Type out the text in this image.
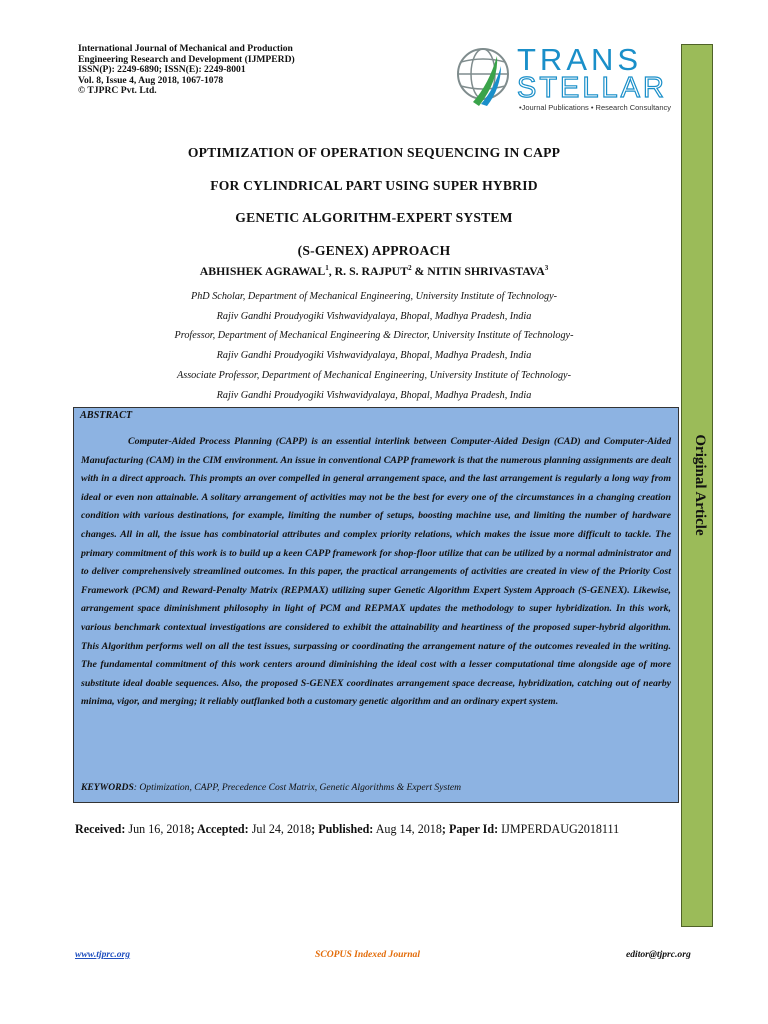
International Journal of Mechanical and Production
Engineering Research and Development (IJMPERD)
ISSN(P): 2249-6890; ISSN(E): 2249-8001
Vol. 8, Issue 4, Aug 2018, 1067-1078
© TJPRC Pvt. Ltd.
TRANS
STELLAR
•Journal Publications • Research Consultancy
Original Article
OPTIMIZATION OF OPERATION SEQUENCING IN CAPP
FOR CYLINDRICAL PART USING SUPER HYBRID
GENETIC ALGORITHM-EXPERT SYSTEM
(S-GENEX) APPROACH
ABHISHEK AGRAWAL$^1$, R. S. RAJPUT$^2$ & NITIN SHRIVASTAVA$^3$
PhD Scholar, Department of Mechanical Engineering, University Institute of Technology-
Rajiv Gandhi Proudyogiki Vishwavidyalaya, Bhopal, Madhya Pradesh, India
Professor, Department of Mechanical Engineering & Director, University Institute of Technology-
Rajiv Gandhi Proudyogiki Vishwavidyalaya, Bhopal, Madhya Pradesh, India
Associate Professor, Department of Mechanical Engineering, University Institute of Technology-
Rajiv Gandhi Proudyogiki Vishwavidyalaya, Bhopal, Madhya Pradesh, India
ABSTRACT
Computer-Aided Process Planning (CAPP) is an essential interlink between Computer-Aided Design (CAD) and Computer-Aided Manufacturing (CAM) in the CIM environment. An issue in conventional CAPP framework is that the numerous planning assignments are dealt with in a direct approach. This prompts an over compelled in general arrangement space, and the last arrangement is regularly a long way from ideal or even non attainable. A solitary arrangement of activities may not be the best for every one of the circumstances in a changing creation condition with various destinations, for example, limiting the number of setups, boosting machine use, and limiting the number of hardware changes. All in all, the issue has combinatorial attributes and complex priority relations, which makes the issue more difficult to tackle. The primary commitment of this work is to build up a keen CAPP framework for shop-floor utilize that can be utilized by a normal administrator and to deliver comprehensively streamlined outcomes. In this paper, the practical arrangements of activities are created in view of the Priority Cost Framework (PCM) and Reward-Penalty Matrix (REPMAX) utilizing super Genetic Algorithm Expert System Approach (S-GENEX). Likewise, arrangement space diminishment philosophy in light of PCM and REPMAX updates the methodology to super hybridization. In this work, various benchmark contextual investigations are considered to exhibit the attainability and heartiness of the proposed super-hybrid algorithm. This Algorithm performs well on all the test issues, surpassing or coordinating the arrangement nature of the outcomes revealed in the writing. The fundamental commitment of this work centers around diminishing the ideal cost with a lesser computational time alongside age of more substitute ideal doable sequences. Also, the proposed S-GENEX coordinates arrangement space decrease, hybridization, catching out of nearby minima, vigor, and merging; it reliably outflanked both a customary genetic algorithm and an ordinary expert system.
KEYWORDS: Optimization, CAPP, Precedence Cost Matrix, Genetic Algorithms & Expert System
Received: Jun 16, 2018; Accepted: Jul 24, 2018; Published: Aug 14, 2018; Paper Id: IJMPERDAUG2018111
www.tjprc.org	SCOPUS Indexed Journal	editor@tjprc.org
